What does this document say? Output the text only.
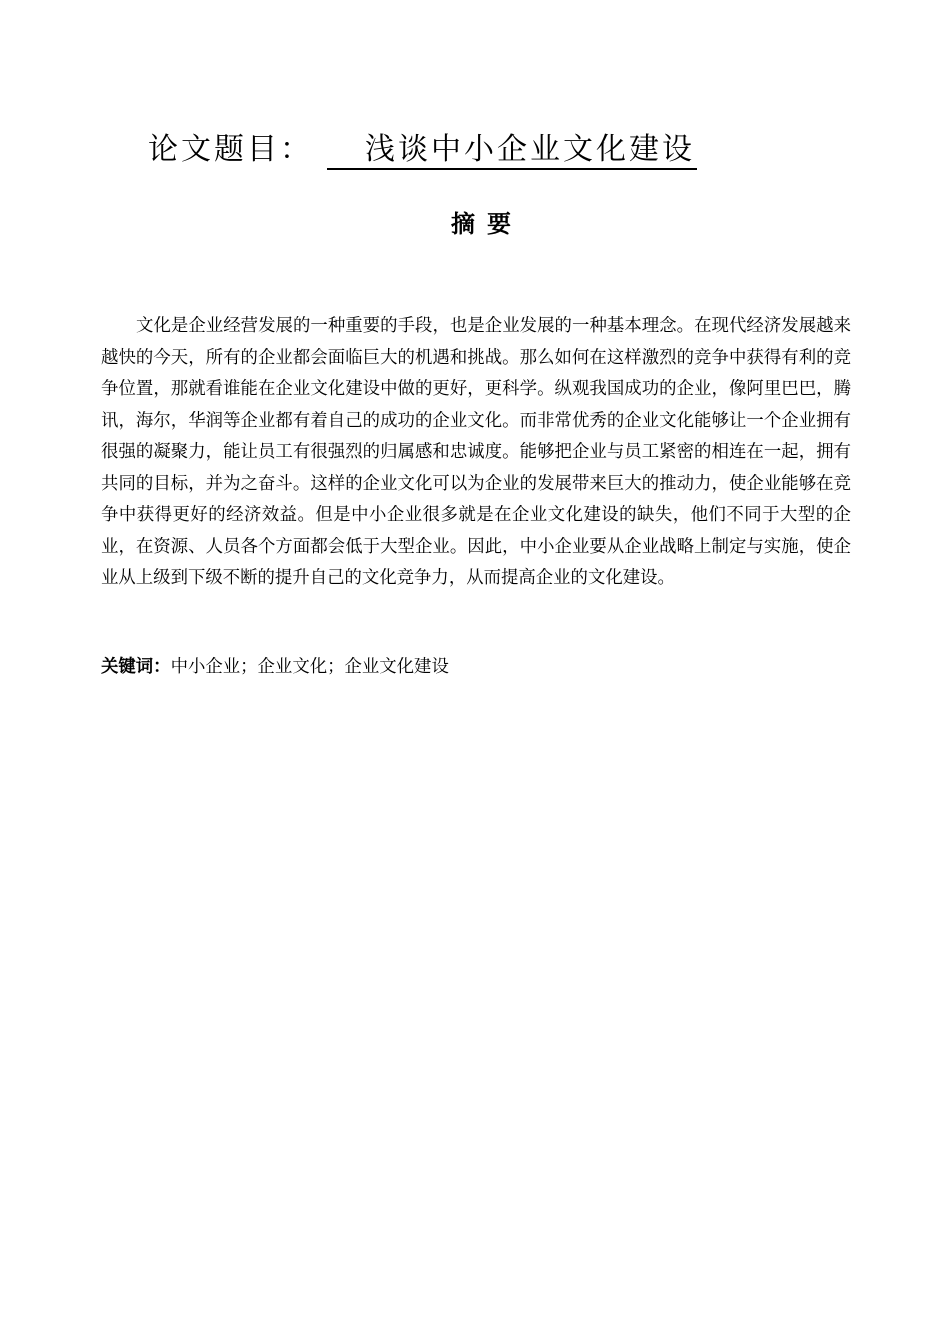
论文题目： 浅谈中小企业文化建设
摘要

文化是企业经营发展的一种重要的手段，也是企业发展的一种基本理念。在现代经济发展越来越快的今天，所有的企业都会面临巨大的机遇和挑战。那么如何在这样激烈的竞争中获得有利的竞争位置，那就看谁能在企业文化建设中做的更好，更科学。纵观我国成功的企业，像阿里巴巴，腾讯，海尔，华润等企业都有着自己的成功的企业文化。而非常优秀的企业文化能够让一个企业拥有很强的凝聚力，能让员工有很强烈的归属感和忠诚度。能够把企业与员工紧密的相连在一起，拥有共同的目标，并为之奋斗。这样的企业文化可以为企业的发展带来巨大的推动力，使企业能够在竞争中获得更好的经济效益。但是中小企业很多就是在企业文化建设的缺失，他们不同于大型的企业，在资源、人员各个方面都会低于大型企业。因此，中小企业要从企业战略上制定与实施，使企业从上级到下级不断的提升自己的文化竞争力，从而提高企业的文化建设。

关键词：中小企业；企业文化；企业文化建设
